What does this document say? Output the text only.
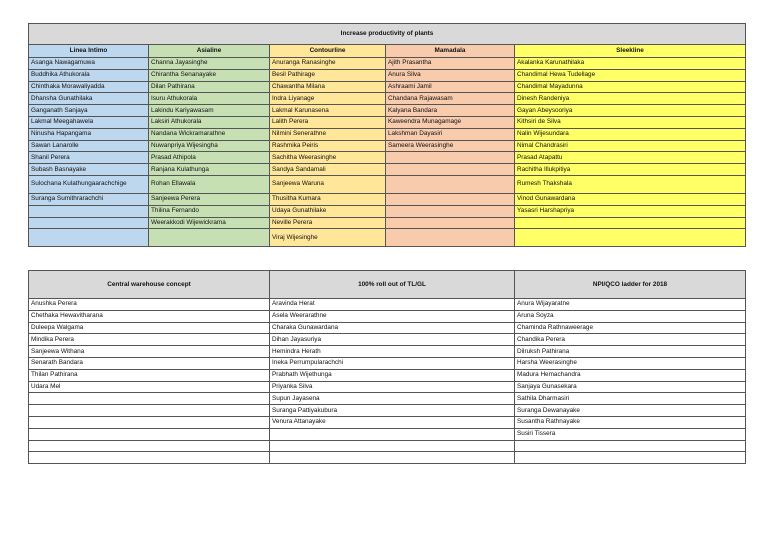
Increase productivity of plants				
Linea Intimo	Asialine	Contourline	Mamadala	Sleekline
Asanga Nawagamuwa	Channa Jayasinghe	Anuranga Ranasinghe	Ajith Prasantha	Akalanka Karunathilaka
Buddhika Athukorala	Chirantha Senanayake	Besil Pathirage	Anura Silva	Chandimal Hewa Tudellage
Chinthaka Morawaliyadda	Dilan Pathirana	Chawantha Milana	Ashraami Jamil	Chandimal Mayadunna
Dhansha Gunathilaka	Isuru Athukorala	Indra Liyanage	Chandana Rajawasam	Dinesh Randeniya
Ganganath Sanjaya	Lakindu Kariyawasam	Lakmal Karunasena	Kalyana Bandara	Gayan Abeysooriya
Lakmal Meegahawela	Laksiri Athukorala	Lalith Perera	Kaweendra Munagamage	Kithsiri de Silva
Ninusha Hapangama	Nandana Wickramarathne	Nilmini Senerathne	Lakshman Dayasiri	Nalin Wijesundara
Sawan Lanarolle	Nuwanpriya Wijesingha	Rashmika Peiris	Sameera Weerasinghe	Nimal Chandrasiri
Shanil Perera	Prasad Athipola	Sachitha Weerasinghe		Prasad Atapattu
Subash Basnayake	Ranjana Kulathunga	Sandya Sandamali		Rachitha Illukpitiya
Sulochana Kulathungaarachchige	Rohan Ellawala	Sanjeewa Waruna		Rumesh Thakshala
Suranga Sumithrarachchi	Sanjeewa Perera	Thusitha Kumara		Vinod Gunawardana
	Thilina Fernando	Udaya Gunathilake		Yasasri Harshapriya
	Weerakkodi Wijewickrama	Neville Perera		
		Viraj Wijesinghe		
Central warehouse concept	100% roll out of TL/GL	NPI/QCO ladder for 2018
Anushka Perera	Aravinda Herat	Anura Wijayaratne
Chethaka Hewavitharana	Asela Weerarathne	Aruna Soyza
Duleepa Walgama	Charaka Gunawardana	Chaminda Rathnaweerage
Mindika Perera	Dihan Jayasuriya	Chandika Perera
Sanjeewa Withana	Hemindra Herath	Dilruksh Pathirana
Senarath Bandara	Ineka Perrumpularachchi	Harsha Weerasinghe
Thilan Pathirana	Prabhath Wijethunga	Madura Hemachandra
Udara Mel	Priyanka Silva	Sanjaya Gunasekara
	Supun Jayasena	Sathila Dharmasiri
	Suranga Pattiyakubura	Suranga Dewanayake
	Venura Attanayake	Susantha Rathnayake
		Susiri Tissera
